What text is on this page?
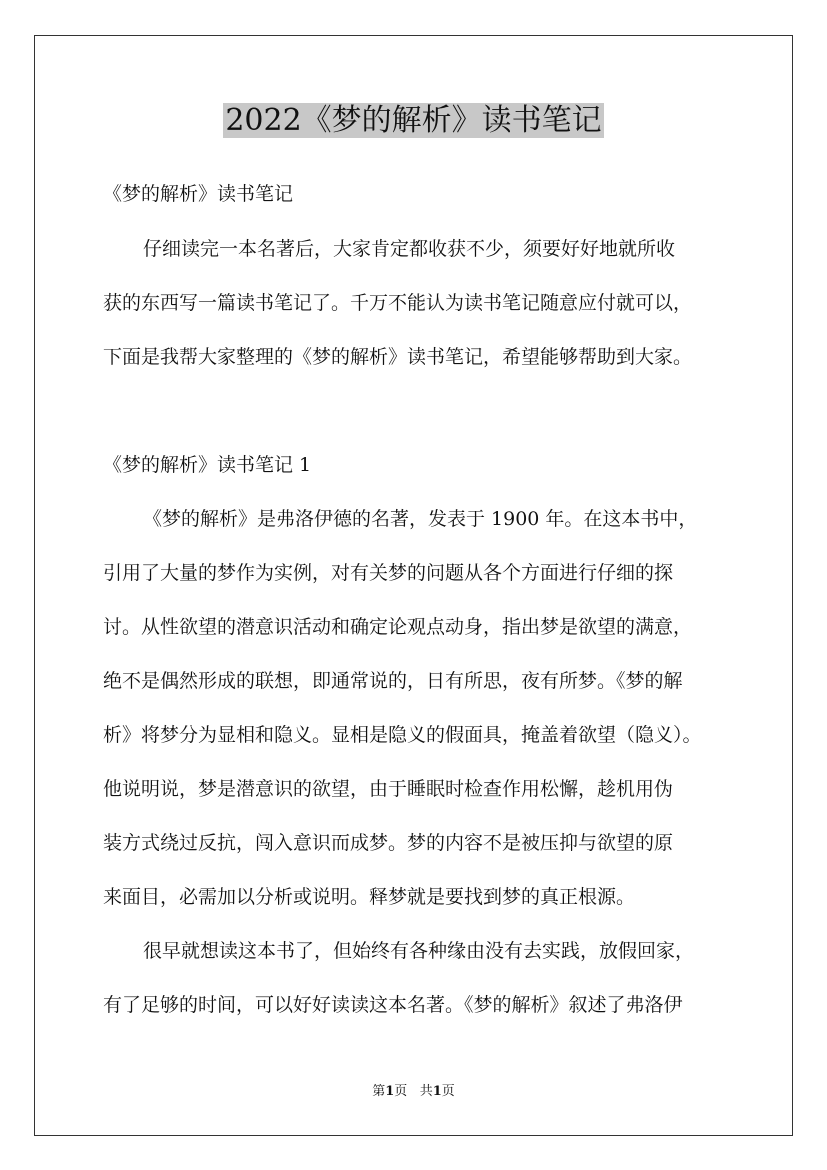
2022《梦的解析》读书笔记
《梦的解析》读书笔记
仔细读完一本名著后，大家肯定都收获不少，须要好好地就所收
获的东西写一篇读书笔记了。千万不能认为读书笔记随意应付就可以，
下面是我帮大家整理的《梦的解析》读书笔记，希望能够帮助到大家。
《梦的解析》读书笔记 1
《梦的解析》是弗洛伊德的名著，发表于 1900 年。在这本书中，
引用了大量的梦作为实例，对有关梦的问题从各个方面进行仔细的探
讨。从性欲望的潜意识活动和确定论观点动身，指出梦是欲望的满意，
绝不是偶然形成的联想，即通常说的，日有所思，夜有所梦。《梦的解
析》将梦分为显相和隐义。显相是隐义的假面具，掩盖着欲望（隐义）。
他说明说，梦是潜意识的欲望，由于睡眠时检查作用松懈，趁机用伪
装方式绕过反抗，闯入意识而成梦。梦的内容不是被压抑与欲望的原
来面目，必需加以分析或说明。释梦就是要找到梦的真正根源。
很早就想读这本书了，但始终有各种缘由没有去实践，放假回家，
有了足够的时间，可以好好读读这本名著。《梦的解析》叙述了弗洛伊
第1页 共1页
